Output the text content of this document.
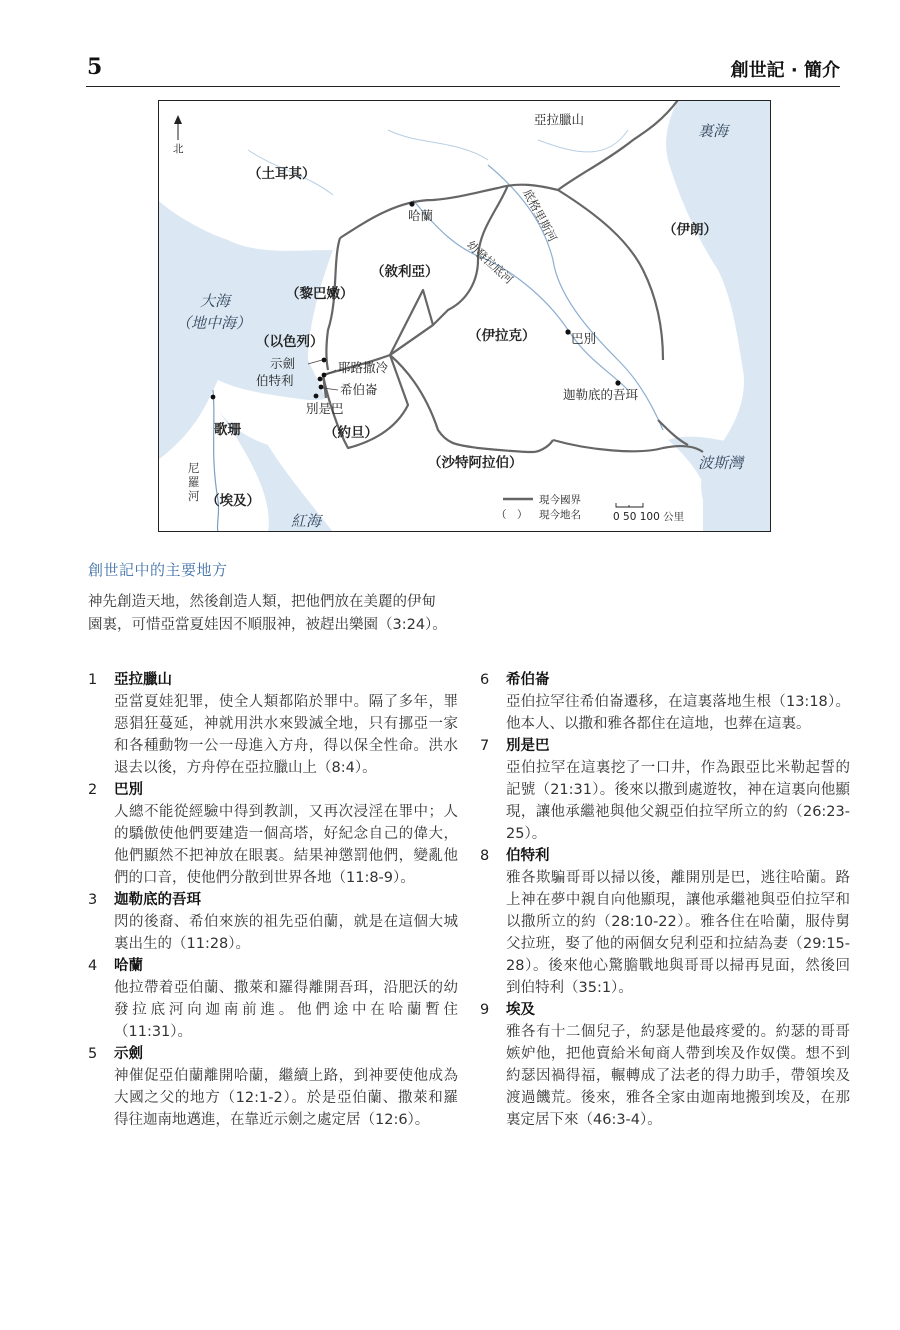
5	創世記 · 簡介
北
亞拉臘山
裏海
大海
（地中海）
波斯灣
紅海
（土耳其）
（伊朗）
（敘利亞）
（黎巴嫩）
（以色列）	（伊拉克）
（約旦）
（沙特阿拉伯）
（埃及）
底格里斯河
幼發拉底河
尼
羅
河
哈蘭
巴別
迦勒底的吾珥
示劍
伯特利
耶路撒冷
希伯崙
別是巴
歌珊
現今國界
（　） 現今地名	0 50 100 公里
創世記中的主要地方
神先創造天地，然後創造人類，把他們放在美麗的伊甸園裏，可惜亞當夏娃因不順服神，被趕出樂園（3:24）。
1	亞拉臘山
亞當夏娃犯罪，使全人類都陷於罪中。隔了多年，罪惡猖狂蔓延，神就用洪水來毀滅全地，只有挪亞一家和各種動物一公一母進入方舟，得以保全性命。洪水退去以後，方舟停在亞拉臘山上（8:4）。
2	巴別
人總不能從經驗中得到教訓，又再次浸淫在罪中；人的驕傲使他們要建造一個高塔，好紀念自己的偉大，他們顯然不把神放在眼裏。結果神懲罰他們，變亂他們的口音，使他們分散到世界各地（11:8-9）。
3	迦勒底的吾珥
閃的後裔、希伯來族的祖先亞伯蘭，就是在這個大城裏出生的（11:28）。
4	哈蘭
他拉帶着亞伯蘭、撒萊和羅得離開吾珥，沿肥沃的幼發拉底河向迦南前進。他們途中在哈蘭暫住（11:31）。
5	示劍
神催促亞伯蘭離開哈蘭，繼續上路，到神要使他成為大國之父的地方（12:1-2）。於是亞伯蘭、撒萊和羅得往迦南地邁進，在靠近示劍之處定居（12:6）。
6	希伯崙
亞伯拉罕往希伯崙遷移，在這裏落地生根（13:18）。他本人、以撒和雅各都住在這地，也葬在這裏。
7	別是巴
亞伯拉罕在這裏挖了一口井，作為跟亞比米勒起誓的記號（21:31）。後來以撒到處遊牧，神在這裏向他顯現，讓他承繼祂與他父親亞伯拉罕所立的約（26:23-25）。
8	伯特利
雅各欺騙哥哥以掃以後，離開別是巴，逃往哈蘭。路上神在夢中親自向他顯現，讓他承繼祂與亞伯拉罕和以撒所立的約（28:10-22）。雅各住在哈蘭，服侍舅父拉班，娶了他的兩個女兒利亞和拉結為妻（29:15-28）。後來他心驚膽戰地與哥哥以掃再見面，然後回到伯特利（35:1）。
9	埃及
雅各有十二個兒子，約瑟是他最疼愛的。約瑟的哥哥嫉妒他，把他賣給米甸商人帶到埃及作奴僕。想不到約瑟因禍得福，輾轉成了法老的得力助手，帶領埃及渡過饑荒。後來，雅各全家由迦南地搬到埃及，在那裏定居下來（46:3-4）。
